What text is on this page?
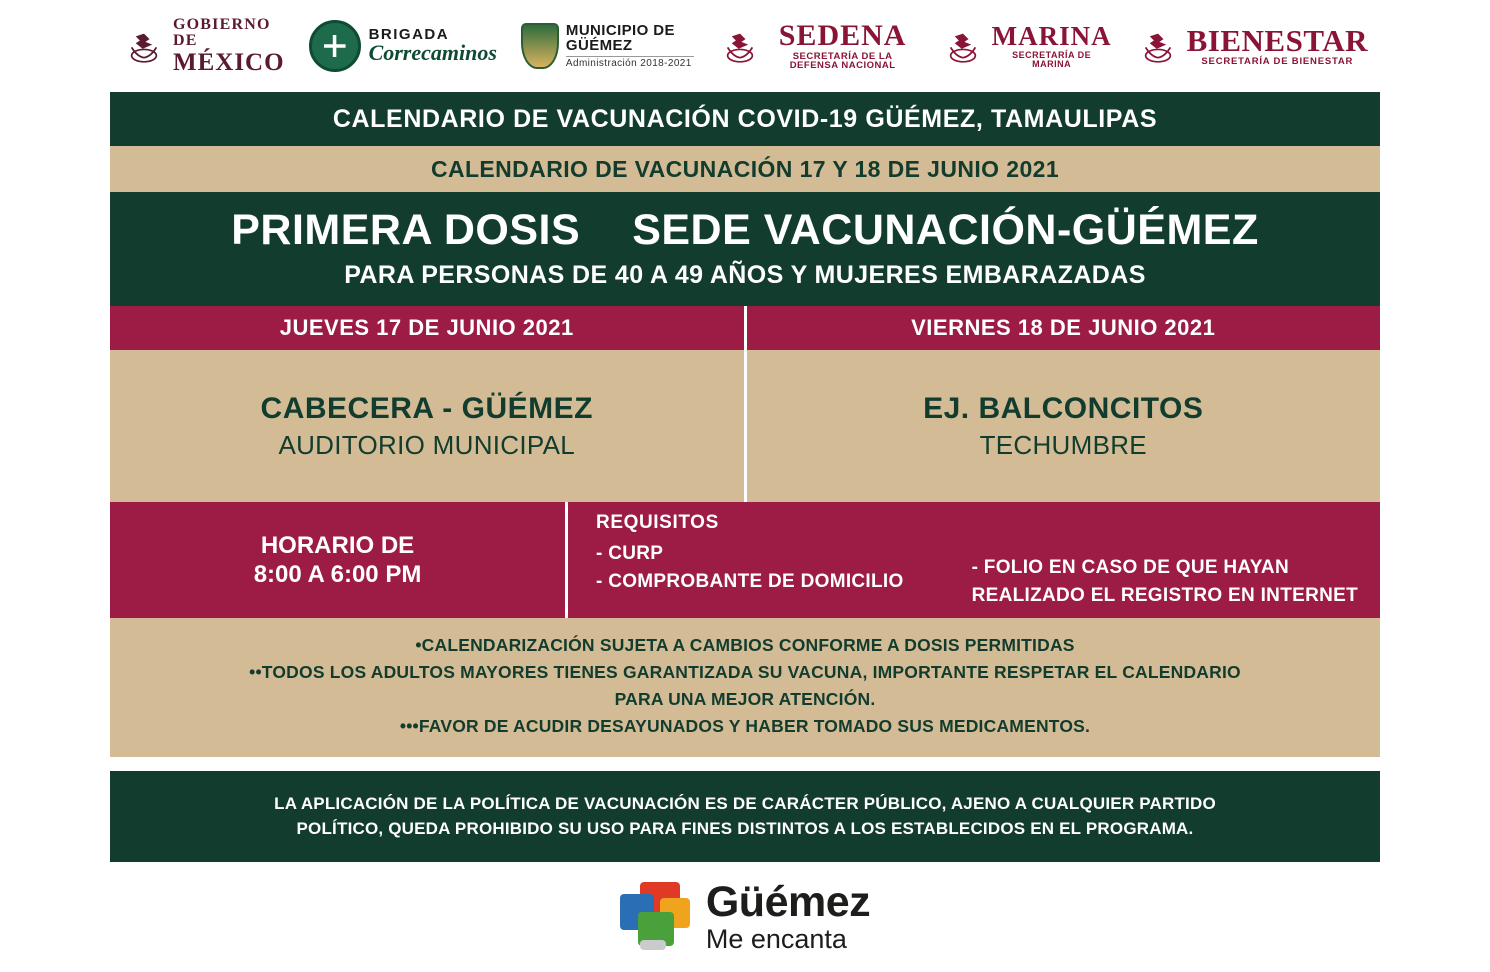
GOBIERNO DE
MÉXICO
BRIGADA
Correcaminos
MUNICIPIO DE GÜÉMEZ
Administración 2018-2021
SEDENA
SECRETARÍA DE LA DEFENSA NACIONAL
MARINA
SECRETARÍA DE MARINA
BIENESTAR
SECRETARÍA DE BIENESTAR
CALENDARIO DE VACUNACIÓN COVID-19 GÜÉMEZ, TAMAULIPAS
CALENDARIO DE VACUNACIÓN 17 Y 18 DE JUNIO 2021
PRIMERA DOSIS SEDE VACUNACIÓN-GÜÉMEZ
PARA PERSONAS DE 40 A 49 AÑOS Y MUJERES EMBARAZADAS
JUEVES 17 DE JUNIO 2021	VIERNES 18 DE JUNIO 2021
CABECERA - GÜÉMEZ
AUDITORIO MUNICIPAL
EJ. BALCONCITOS
TECHUMBRE
HORARIO DE
8:00 A 6:00 PM
REQUISITOS
- CURP
- COMPROBANTE DE DOMICILIO
- FOLIO EN CASO DE QUE HAYAN
REALIZADO EL REGISTRO EN INTERNET
•CALENDARIZACIÓN SUJETA A CAMBIOS CONFORME A DOSIS PERMITIDAS
••TODOS LOS ADULTOS MAYORES TIENES GARANTIZADA SU VACUNA, IMPORTANTE RESPETAR EL CALENDARIO
PARA UNA MEJOR ATENCIÓN.
•••FAVOR DE ACUDIR DESAYUNADOS Y HABER TOMADO SUS MEDICAMENTOS.
LA APLICACIÓN DE LA POLÍTICA DE VACUNACIÓN ES DE CARÁCTER PÚBLICO, AJENO A CUALQUIER PARTIDO
POLÍTICO, QUEDA PROHIBIDO SU USO PARA FINES DISTINTOS A LOS ESTABLECIDOS EN EL PROGRAMA.
Güémez
Me encanta
